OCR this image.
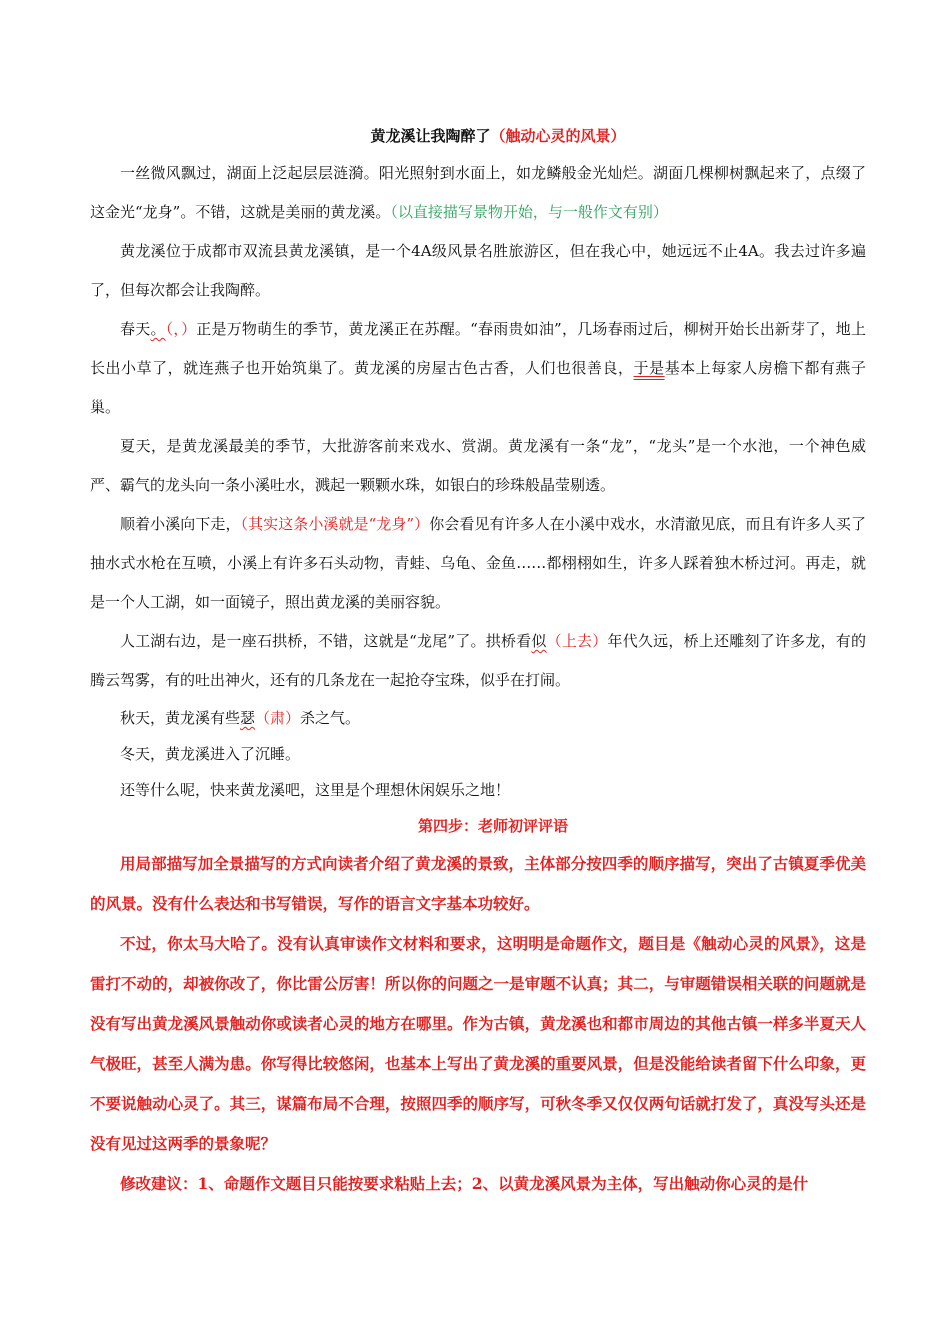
黄龙溪让我陶醉了（触动心灵的风景）

一丝微风飘过，湖面上泛起层层涟漪。阳光照射到水面上，如龙鳞般金光灿烂。湖面几棵柳树飘起来了，点缀了这金光“龙身”。不错，这就是美丽的黄龙溪。（以直接描写景物开始，与一般作文有别）

黄龙溪位于成都市双流县黄龙溪镇，是一个4A级风景名胜旅游区，但在我心中，她远远不止4A。我去过许多遍了，但每次都会让我陶醉。

春天。（，）正是万物萌生的季节，黄龙溪正在苏醒。“春雨贵如油”，几场春雨过后，柳树开始长出新芽了，地上长出小草了，就连燕子也开始筑巢了。黄龙溪的房屋古色古香，人们也很善良，于是基本上每家人房檐下都有燕子巢。

夏天，是黄龙溪最美的季节，大批游客前来戏水、赏湖。黄龙溪有一条“龙”，“龙头”是一个水池，一个神色威严、霸气的龙头向一条小溪吐水，溅起一颗颗水珠，如银白的珍珠般晶莹剔透。

顺着小溪向下走，（其实这条小溪就是“龙身”）你会看见有许多人在小溪中戏水，水清澈见底，而且有许多人买了抽水式水枪在互喷，小溪上有许多石头动物，青蛙、乌龟、金鱼……都栩栩如生，许多人踩着独木桥过河。再走，就是一个人工湖，如一面镜子，照出黄龙溪的美丽容貌。

人工湖右边，是一座石拱桥，不错，这就是“龙尾”了。拱桥看似（上去）年代久远，桥上还雕刻了许多龙，有的腾云驾雾，有的吐出神火，还有的几条龙在一起抢夺宝珠，似乎在打闹。

秋天，黄龙溪有些瑟（肃）杀之气。

冬天，黄龙溪进入了沉睡。

还等什么呢，快来黄龙溪吧，这里是个理想休闲娱乐之地！

第四步：老师初评评语

用局部描写加全景描写的方式向读者介绍了黄龙溪的景致，主体部分按四季的顺序描写，突出了古镇夏季优美的风景。没有什么表达和书写错误，写作的语言文字基本功较好。

不过，你太马大哈了。没有认真审读作文材料和要求，这明明是命题作文，题目是《触动心灵的风景》，这是雷打不动的，却被你改了，你比雷公厉害！所以你的问题之一是审题不认真；其二，与审题错误相关联的问题就是没有写出黄龙溪风景触动你或读者心灵的地方在哪里。作为古镇，黄龙溪也和都市周边的其他古镇一样多半夏天人气极旺，甚至人满为患。你写得比较悠闲，也基本上写出了黄龙溪的重要风景，但是没能给读者留下什么印象，更不要说触动心灵了。其三，谋篇布局不合理，按照四季的顺序写，可秋冬季又仅仅两句话就打发了，真没写头还是没有见过这两季的景象呢？

修改建议：1、命题作文题目只能按要求粘贴上去；2、以黄龙溪风景为主体，写出触动你心灵的是什
